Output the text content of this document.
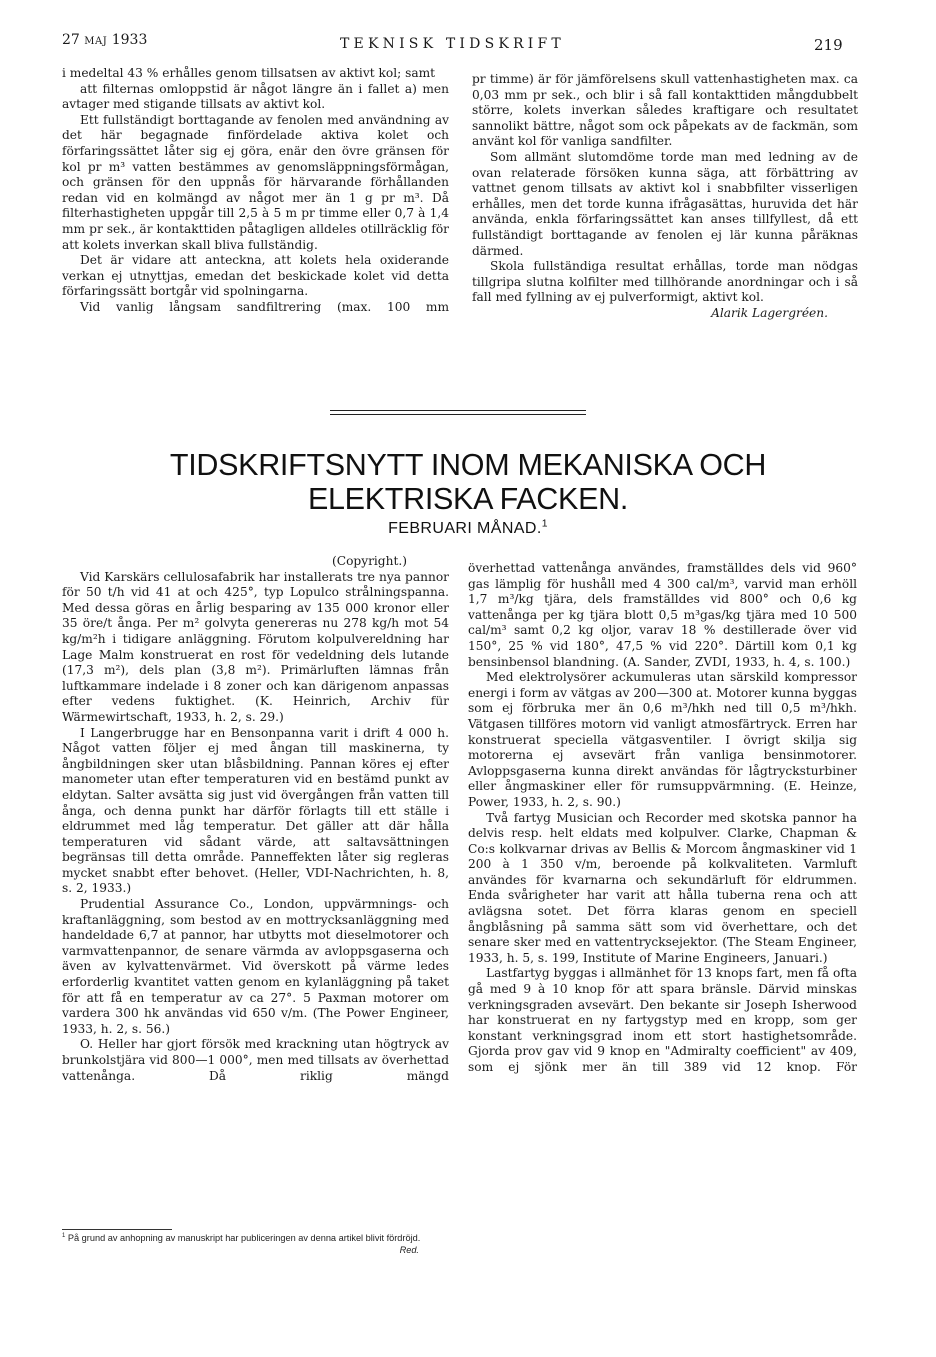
27 MAJ 1933	TEKNISK TIDSKRIFT	219

i medeltal 43 % erhålles genom tillsatsen av aktivt kol; samt

att filternas omloppstid är något längre än i fallet a) men avtager med stigande tillsats av aktivt kol.

Ett fullständigt borttagande av fenolen med användning av det här begagnade finfördelade aktiva kolet och förfaringssättet låter sig ej göra, enär den övre gränsen för kol pr m³ vatten bestämmes av genomsläppningsförmågan, och gränsen för den uppnås för härvarande förhållanden redan vid en kolmängd av något mer än 1 g pr m³. Då filterhastigheten uppgår till 2,5 à 5 m pr timme eller 0,7 à 1,4 mm pr sek., är kontakttiden påtagligen alldeles otillräcklig för att kolets inverkan skall bliva fullständig.

Det är vidare att anteckna, att kolets hela oxiderande verkan ej utnyttjas, emedan det beskickade kolet vid detta förfaringssätt bortgår vid spolningarna.

Vid vanlig långsam sandfiltrering (max. 100 mm

pr timme) är för jämförelsens skull vattenhastigheten max. ca 0,03 mm pr sek., och blir i så fall kontakttiden mångdubbelt större, kolets inverkan således kraftigare och resultatet sannolikt bättre, något som ock påpekats av de fackmän, som använt kol för vanliga sandfilter.

Som allmänt slutomdöme torde man med ledning av de ovan relaterade försöken kunna säga, att förbättring av vattnet genom tillsats av aktivt kol i snabbfilter visserligen erhålles, men det torde kunna ifrågasättas, huruvida det här använda, enkla förfaringssättet kan anses tillfyllest, då ett fullständigt borttagande av fenolen ej lär kunna påräknas därmed.

Skola fullständiga resultat erhållas, torde man nödgas tillgripa slutna kolfilter med tillhörande anordningar och i så fall med fyllning av ej pulverformigt, aktivt kol.
Alarik Lagergréen.

TIDSKRIFTSNYTT INOM MEKANISKA OCH
ELEKTRISKA FACKEN.
FEBRUARI MÅNAD.$^1$

(Copyright.)

Vid Karskärs cellulosafabrik har installerats tre nya pannor för 50 t/h vid 41 at och 425°, typ Lopulco strålningspanna. Med dessa göras en årlig besparing av 135 000 kronor eller 35 öre/t ånga. Per m² golvyta genereras nu 278 kg/h mot 54 kg/m²h i tidigare anläggning. Förutom kolpulvereldning har Lage Malm konstruerat en rost för vedeldning dels lutande (17,3 m²), dels plan (3,8 m²). Primärluften lämnas från luftkammare indelade i 8 zoner och kan därigenom anpassas efter vedens fuktighet. (K. Heinrich, Archiv für Wärmewirtschaft, 1933, h. 2, s. 29.)

I Langerbrugge har en Bensonpanna varit i drift 4 000 h. Något vatten följer ej med ångan till maskinerna, ty ångbildningen sker utan blåsbildning. Pannan köres ej efter manometer utan efter temperaturen vid en bestämd punkt av eldytan. Salter avsätta sig just vid övergången från vatten till ånga, och denna punkt har därför förlagts till ett ställe i eldrummet med låg temperatur. Det gäller att där hålla temperaturen vid sådant värde, att saltavsättningen begränsas till detta område. Panneffekten låter sig regleras mycket snabbt efter behovet. (Heller, VDI-Nachrichten, h. 8, s. 2, 1933.)

Prudential Assurance Co., London, uppvärmnings- och kraftanläggning, som bestod av en mottrycksanläggning med handeldade 6,7 at pannor, har utbytts mot dieselmotorer och varmvattenpannor, de senare värmda av avloppsgaserna och även av kylvattenvärmet. Vid överskott på värme ledes erforderlig kvantitet vatten genom en kylanläggning på taket för att få en temperatur av ca 27°. 5 Paxman motorer om vardera 300 hk användas vid 650 v/m. (The Power Engineer, 1933, h. 2, s. 56.)

O. Heller har gjort försök med krackning utan högtryck av brunkolstjära vid 800—1 000°, men med tillsats av överhettad vattenånga. Då riklig mängd

$^1$ På grund av anhopning av manuskript har publiceringen av denna artikel blivit fördröjd.
Red.

överhettad vattenånga användes, framställdes dels vid 960° gas lämplig för hushåll med 4 300 cal/m³, varvid man erhöll 1,7 m³/kg tjära, dels framställdes vid 800° och 0,6 kg vattenånga per kg tjära blott 0,5 m³gas/kg tjära med 10 500 cal/m³ samt 0,2 kg oljor, varav 18 % destillerade över vid 150°, 25 % vid 180°, 47,5 % vid 220°. Därtill kom 0,1 kg bensinbensol blandning. (A. Sander, ZVDI, 1933, h. 4, s. 100.)

Med elektrolysörer ackumuleras utan särskild kompressor energi i form av vätgas av 200—300 at. Motorer kunna byggas som ej förbruka mer än 0,6 m³/hkh ned till 0,5 m³/hkh. Vätgasen tillföres motorn vid vanligt atmosfärtryck. Erren har konstruerat speciella vätgasventiler. I övrigt skilja sig motorerna ej avsevärt från vanliga bensinmotorer. Avloppsgaserna kunna direkt användas för lågtrycksturbiner eller ångmaskiner eller för rumsuppvärmning. (E. Heinze, Power, 1933, h. 2, s. 90.)

Två fartyg Musician och Recorder med skotska pannor ha delvis resp. helt eldats med kolpulver. Clarke, Chapman & Co:s kolkvarnar drivas av Bellis & Morcom ångmaskiner vid 1 200 à 1 350 v/m, beroende på kolkvaliteten. Varmluft användes för kvarnarna och sekundärluft för eldrummen. Enda svårigheter har varit att hålla tuberna rena och att avlägsna sotet. Det förra klaras genom en speciell ångblåsning på samma sätt som vid överhettare, och det senare sker med en vattentrycksejektor. (The Steam Engineer, 1933, h. 5, s. 199, Institute of Marine Engineers, Januari.)

Lastfartyg byggas i allmänhet för 13 knops fart, men få ofta gå med 9 à 10 knop för att spara bränsle. Därvid minskas verkningsgraden avsevärt. Den bekante sir Joseph Isherwood har konstruerat en ny fartygstyp med en kropp, som ger konstant verkningsgrad inom ett stort hastighetsområde. Gjorda prov gav vid 9 knop en "Admiralty coefficient" av 409, som ej sjönk mer än till 389 vid 12 knop. För
